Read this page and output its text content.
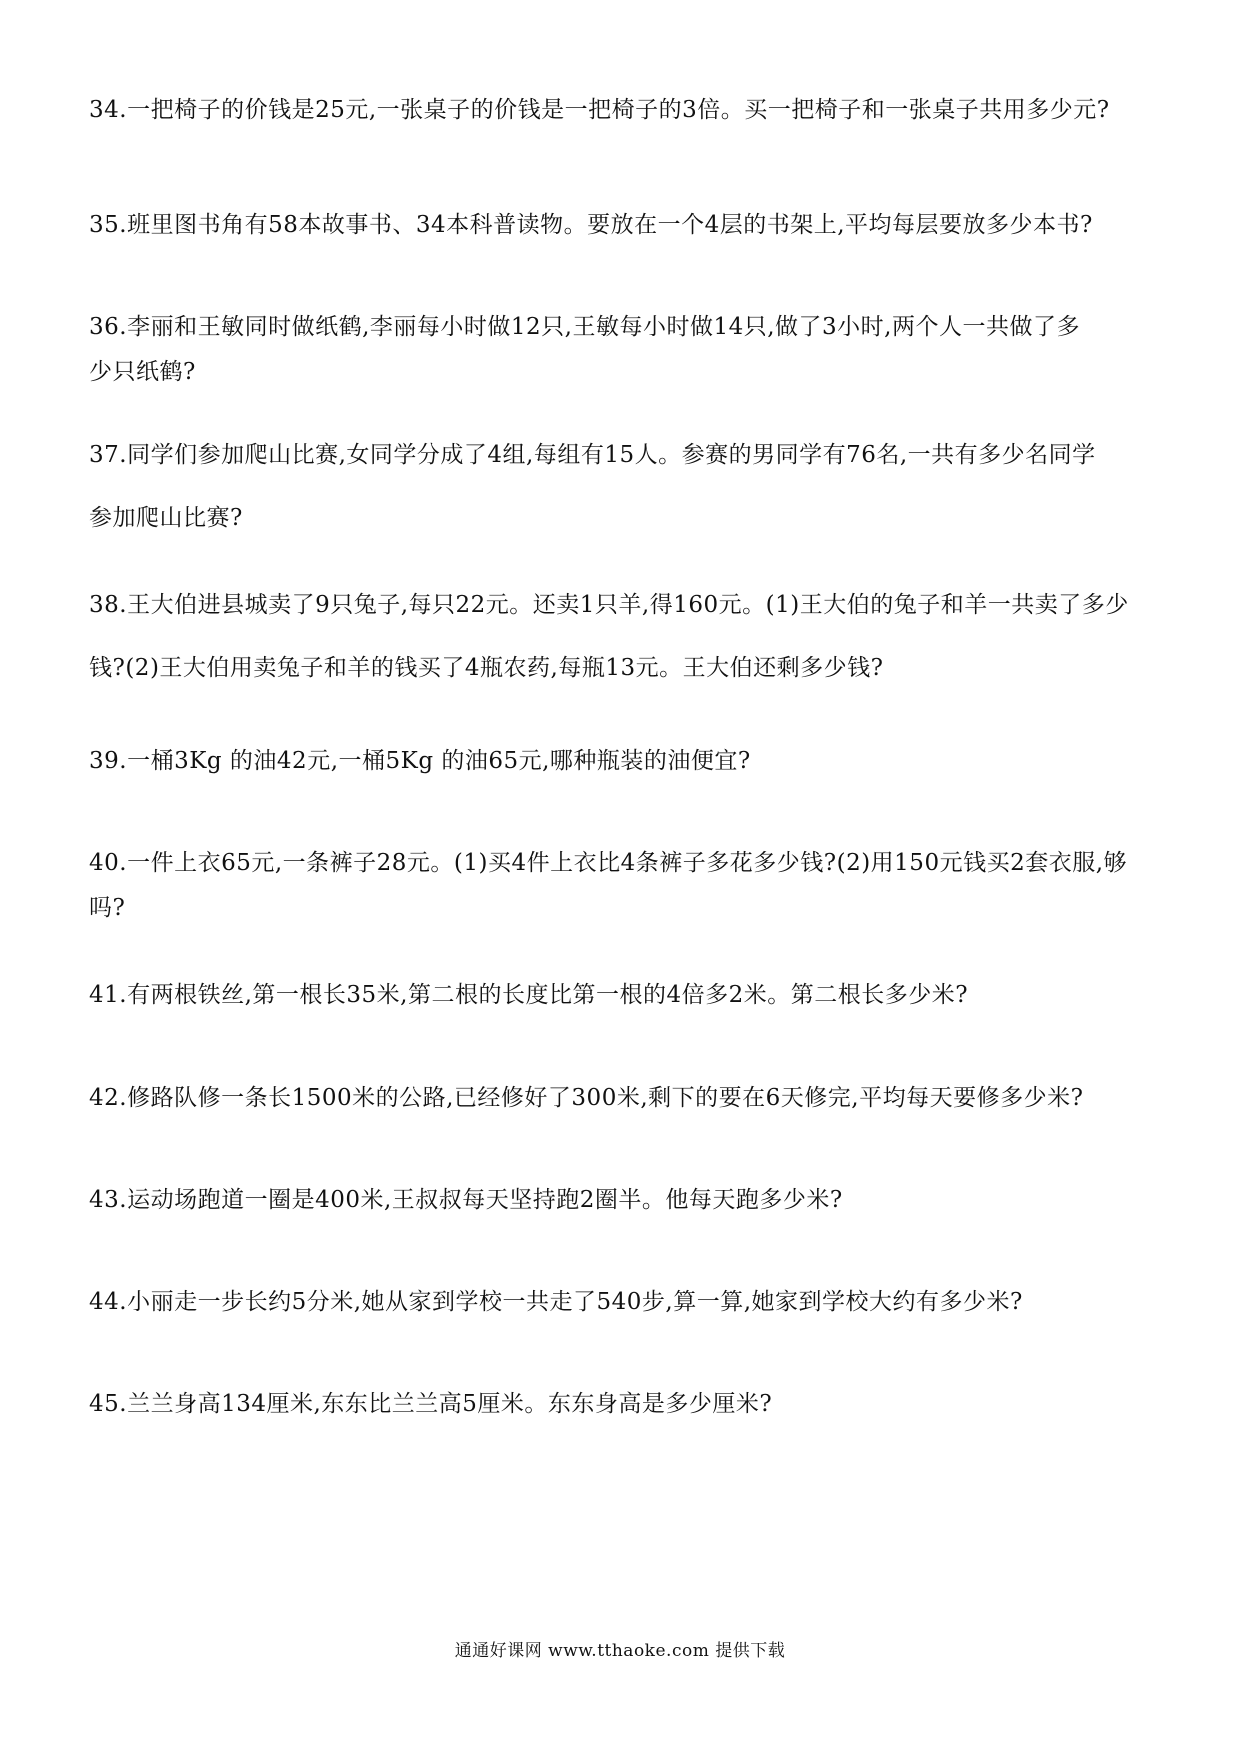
34.一把椅子的价钱是25元,一张桌子的价钱是一把椅子的3倍。买一把椅子和一张桌子共用多少元?
35.班里图书角有58本故事书、34本科普读物。要放在一个4层的书架上,平均每层要放多少本书?
36.李丽和王敏同时做纸鹤,李丽每小时做12只,王敏每小时做14只,做了3小时,两个人一共做了多
少只纸鹤?
37.同学们参加爬山比赛,女同学分成了4组,每组有15人。参赛的男同学有76名,一共有多少名同学
参加爬山比赛?
38.王大伯进县城卖了9只兔子,每只22元。还卖1只羊,得160元。(1)王大伯的兔子和羊一共卖了多少
钱?(2)王大伯用卖兔子和羊的钱买了4瓶农药,每瓶13元。王大伯还剩多少钱?
39.一桶3Kg 的油42元,一桶5Kg 的油65元,哪种瓶装的油便宜?
40.一件上衣65元,一条裤子28元。(1)买4件上衣比4条裤子多花多少钱?(2)用150元钱买2套衣服,够
吗?
41.有两根铁丝,第一根长35米,第二根的长度比第一根的4倍多2米。第二根长多少米?
42.修路队修一条长1500米的公路,已经修好了300米,剩下的要在6天修完,平均每天要修多少米?
43.运动场跑道一圈是400米,王叔叔每天坚持跑2圈半。他每天跑多少米?
44.小丽走一步长约5分米,她从家到学校一共走了540步,算一算,她家到学校大约有多少米?
45.兰兰身高134厘米,东东比兰兰高5厘米。东东身高是多少厘米?
通通好课网 www.tthaoke.com 提供下载
